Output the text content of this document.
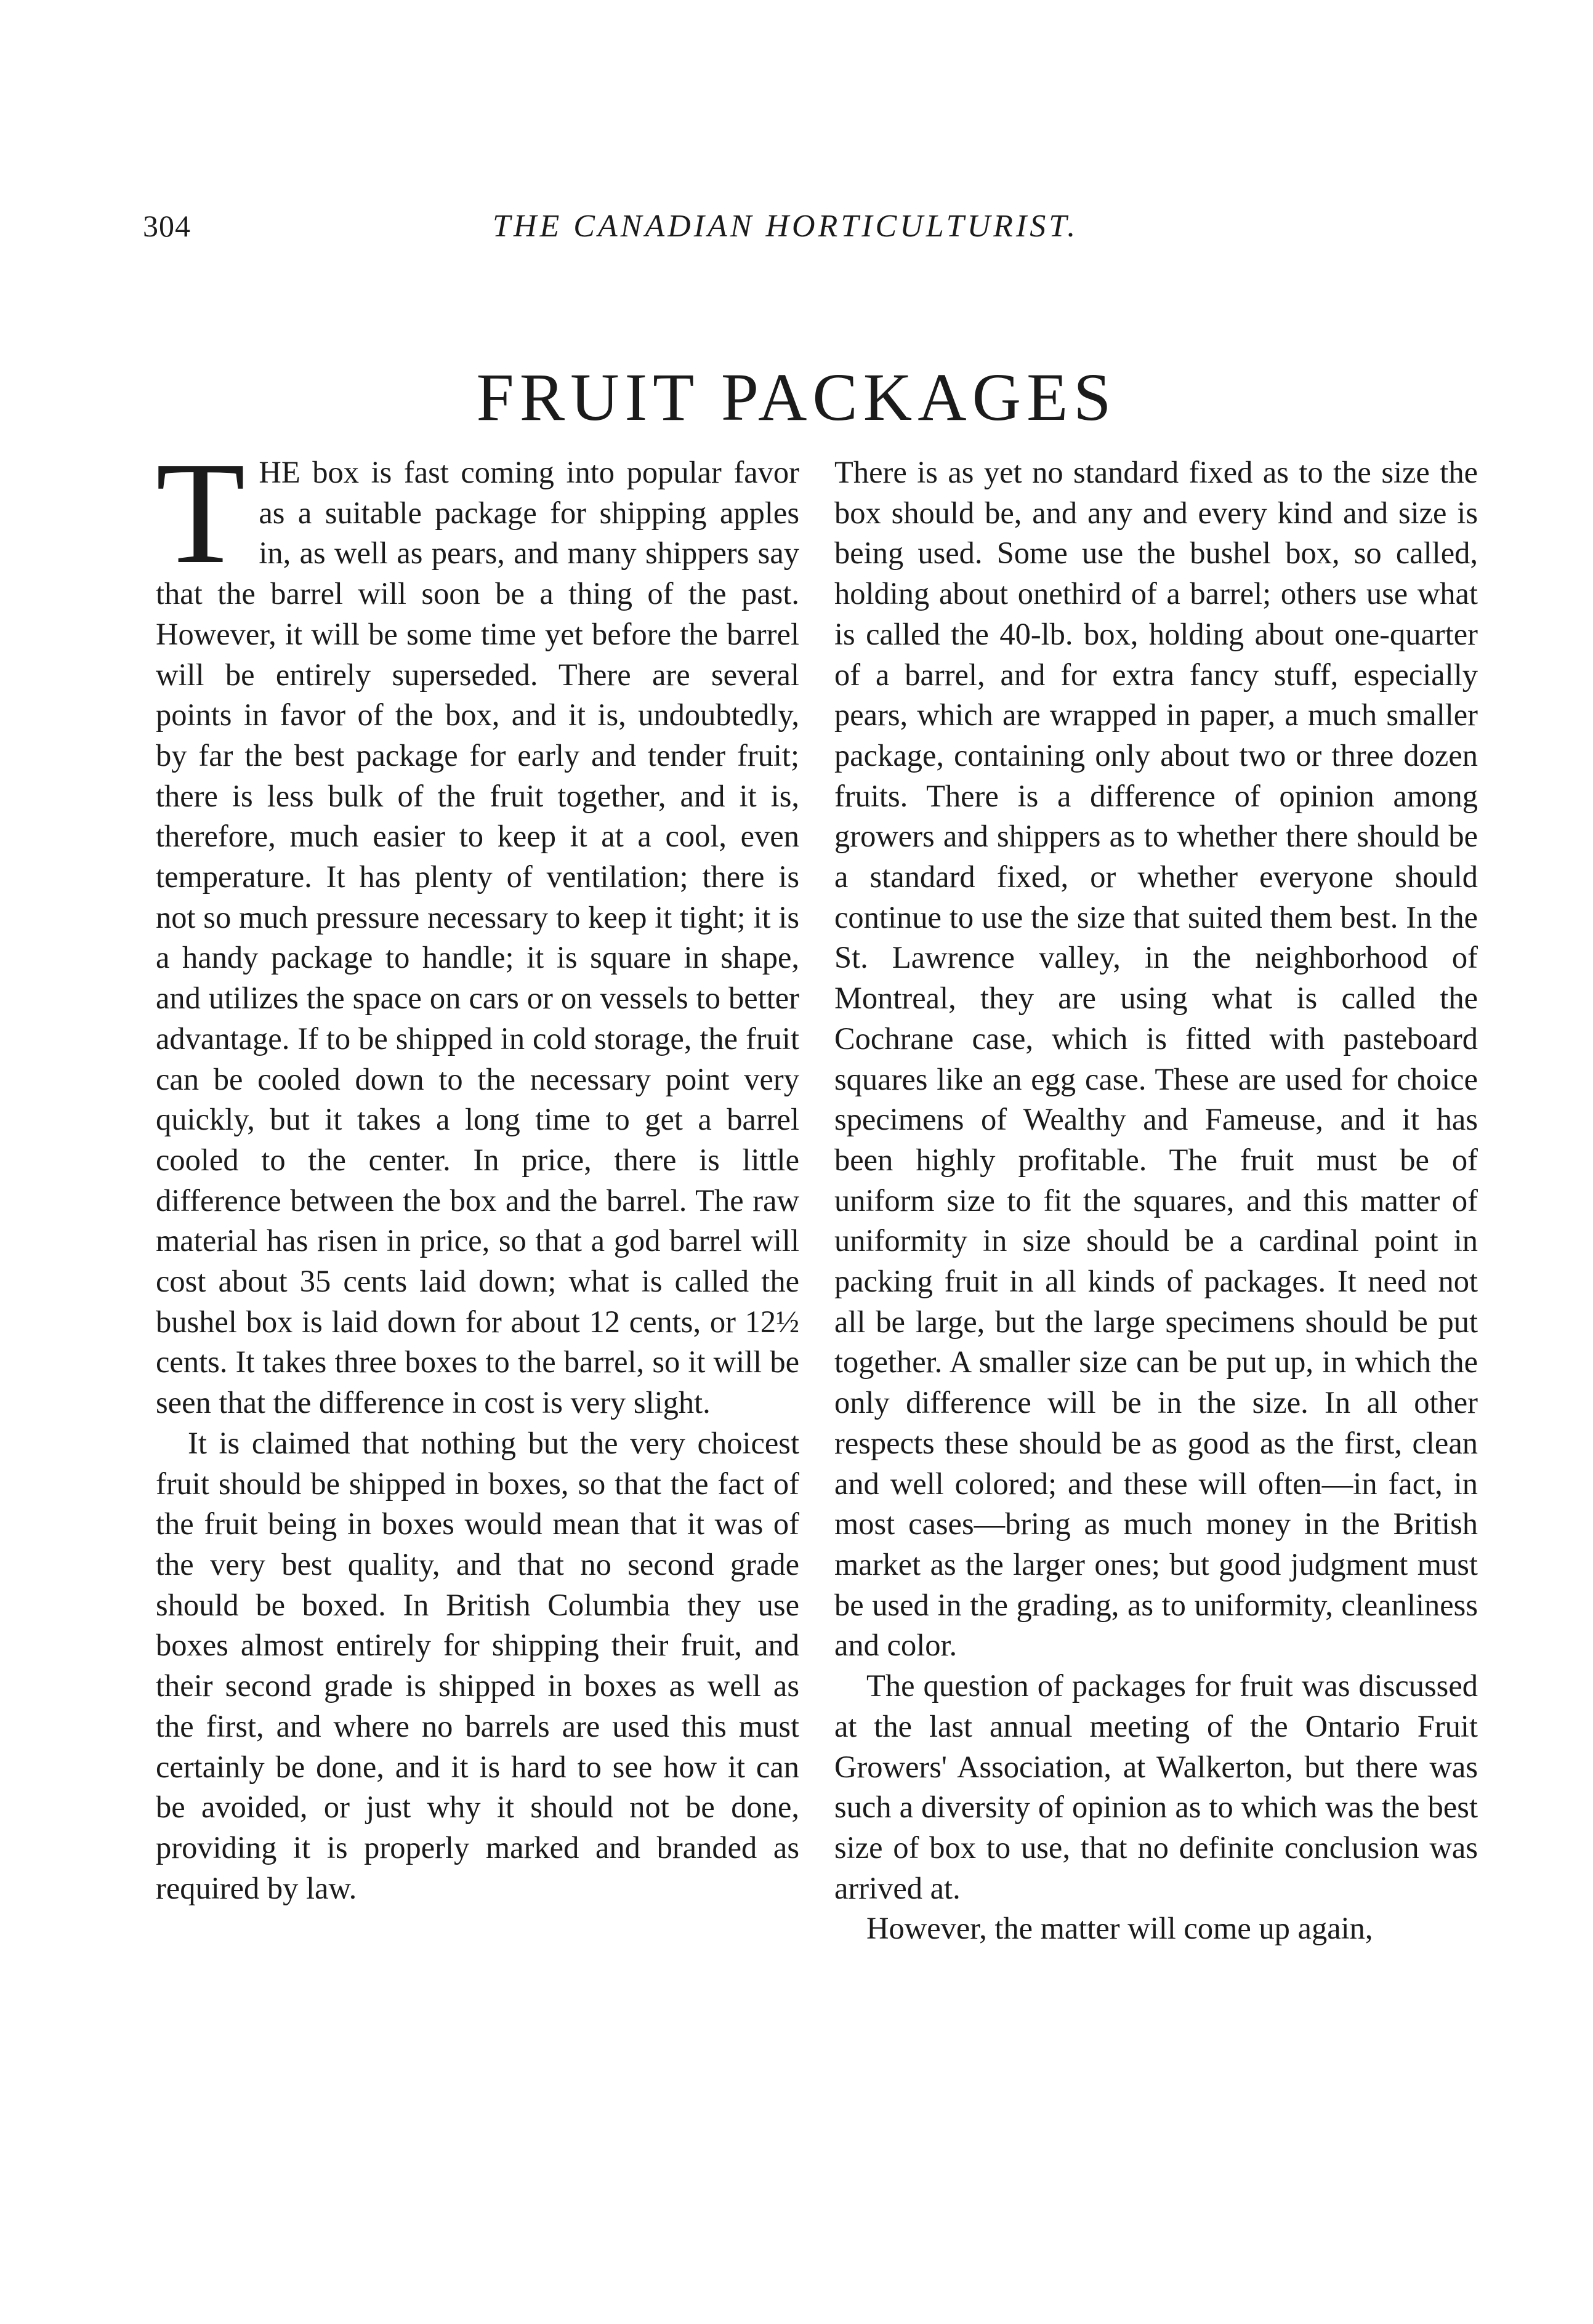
304	THE CANADIAN HORTICULTURIST.
FRUIT PACKAGES

THE box is fast coming into popular favor as a suitable package for shipping apples in, as well as pears, and many shippers say that the barrel will soon be a thing of the past. However, it will be some time yet before the barrel will be entirely superseded. There are several points in favor of the box, and it is, undoubtedly, by far the best package for early and tender fruit; there is less bulk of the fruit together, and it is, therefore, much easier to keep it at a cool, even temperature. It has plenty of ventilation; there is not so much pressure necessary to keep it tight; it is a handy package to handle; it is square in shape, and utilizes the space on cars or on vessels to better advantage. If to be shipped in cold storage, the fruit can be cooled down to the necessary point very quickly, but it takes a long time to get a barrel cooled to the center. In price, there is little difference between the box and the barrel. The raw material has risen in price, so that a god barrel will cost about 35 cents laid down; what is called the bushel box is laid down for about 12 cents, or 12½ cents. It takes three boxes to the barrel, so it will be seen that the difference in cost is very slight.

It is claimed that nothing but the very choicest fruit should be shipped in boxes, so that the fact of the fruit being in boxes would mean that it was of the very best quality, and that no second grade should be boxed. In British Columbia they use boxes almost entirely for shipping their fruit, and their second grade is shipped in boxes as well as the first, and where no barrels are used this must certainly be done, and it is hard to see how it can be avoided, or just why it should not be done, providing it is properly marked and branded as required by law.

There is as yet no standard fixed as to the size the box should be, and any and every kind and size is being used. Some use the bushel box, so called, holding about onethird of a barrel; others use what is called the 40-lb. box, holding about one-quarter of a barrel, and for extra fancy stuff, especially pears, which are wrapped in paper, a much smaller package, containing only about two or three dozen fruits. There is a difference of opinion among growers and shippers as to whether there should be a standard fixed, or whether everyone should continue to use the size that suited them best. In the St. Lawrence valley, in the neighborhood of Montreal, they are using what is called the Cochrane case, which is fitted with pasteboard squares like an egg case. These are used for choice specimens of Wealthy and Fameuse, and it has been highly profitable. The fruit must be of uniform size to fit the squares, and this matter of uniformity in size should be a cardinal point in packing fruit in all kinds of packages. It need not all be large, but the large specimens should be put together. A smaller size can be put up, in which the only difference will be in the size. In all other respects these should be as good as the first, clean and well colored; and these will often—in fact, in most cases—bring as much money in the British market as the larger ones; but good judgment must be used in the grading, as to uniformity, cleanliness and color.

The question of packages for fruit was discussed at the last annual meeting of the Ontario Fruit Growers' Association, at Walkerton, but there was such a diversity of opinion as to which was the best size of box to use, that no definite conclusion was arrived at.

However, the matter will come up again,
